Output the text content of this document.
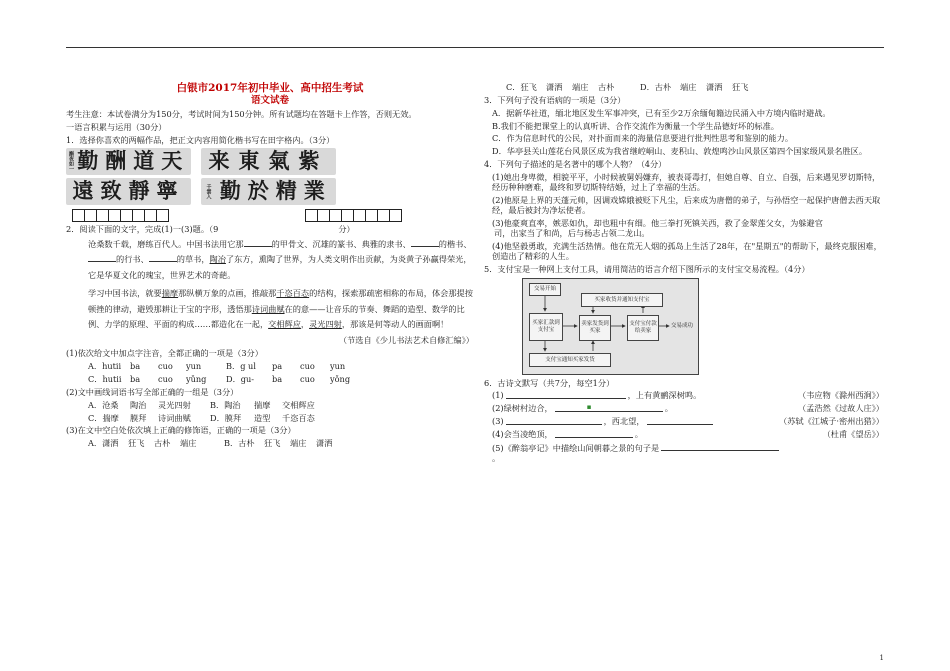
白银市2017年初中毕业、高中招生考试
语文试卷

考生注意：本试卷满分为150分，考试时间为150分钟。所有试题均在答题卡上作答，否则无效。

一语言积累与运用（30分）

1．选择你喜欢的两幅作品，把正文内容用简化楷书写在田字格内。（3分）

㩂夜如一 勤酬道天 来東氣紫
遠致靜寧	千雲入 勤於精業

2．阅读下面的文字，完成(1)一(3)题。（9	分）

沧桑数千载，磨练百代人。中国书法用它那	的甲骨文、沉雄的篆书、典雅的隶书、	的楷书、的行书、	的草书，陶冶了东方，熏陶了世界，为人类文明作出贡献，为炎黄子孙赢得荣光，它是华夏文化的瑰宝，世界艺术的奇葩。

学习中国书法，就要揣摩那纵横万象的点画，推敲那千恣百态的结构，探索那疏密相称的布局，体会那提按顿挫的律动，避毁那耕让于宝的字形，透悟那诗词曲赋在的意——让音乐的节奏、舞蹈的造型、数学的比例、力学的原理、平面的构成……都造化在一起，交相辉应，灵光四射，那该是何等动人的画面啊！

（节选自《少儿书法艺术自修汇编》）

(1)依次给文中加点字注音，全都正确的一项是（3分）

A．hutii ba cuo yun	B．g ul pa cuo yun

C．hutii ba cuo yǔng D．gu- ba cuo yǒng

(2)文中画线词语书写全部正确的一组是（3分）

A．沧桑 陶治 灵光四射 B．陶治 揣摩 交相辉应

C．揣摩 膜拜 诗词曲赋 D．膜拜 造型 千恣百态

(3)在文中空白处依次填上正确的修饰语，正确的一项是（3分）

A．潇洒 狂飞 古朴 端庄	B．古朴 狂飞 端庄 潇洒

C．狂飞 潇洒 端庄 古朴	D．古朴 端庄 潇洒 狂飞

3．下列句子没有语病的一项是（3分）

A．据新华社道，缅北地区发生军事冲突，已有至少2万余缅甸籍边民涌入中方境内临时避战。

B.我们不能把课堂上的认真听讲、合作交流作为衡量一个学生品德好坏的标准。

C．作为信息时代的公民，对扑面而来的海量信息要进行批判性思考和鉴别的能力。

D．华亭县关山莲花台风景区成为我省继崆峒山、麦积山、敦煌鸣沙山风景区第四个国家级风景名胜区。

4．下列句子描述的是名著中的哪个人物？（4分）

(1)她出身卑微，相貌平平，小时候被舅妈嫌弃，被表哥毒打，但她自尊、自立、自强，后来遇见罗切斯特，经历种种磨难，最终和罗切斯特结婚，过上了幸福的生活。

(2)他原是上界的天蓬元帅，因调戏嫦娥被贬下凡尘，后来成为唐僧的弟子，与孙悟空一起保护唐僧去西天取经，最后被封为净坛使者。

(3)他豪爽直率，嫉恶如仇，却也粗中有细。他三拳打死镇关西，救了金翠莲父女，为躲避官
司，出家当了和尚，后与杨志占领二龙山。

(4)他坚毅勇敢，充满生活热情。他在荒无人烟的孤岛上生活了28年，在"星期五"的帮助下，最终克服困难，创造出了精彩的人生。

5．支付宝是一种网上支付工具，请用简洁的语言介绍下图所示的支付宝交易流程。（4分）

交易开始
买家收货并通知支付宝
买家汇款到支付宝
卖家发货到买家
支付宝付款给卖家
交易成功
支付宝通知买家发货

6．古诗文默写（共7分，每空1分）

(1)	，上有黄鹂深树鸣。	（韦应物《滁州西涧》）

(2)绿树村边合，	▪	。	（孟浩然《过故人庄》）

(3)	，西北望，	（苏轼《江城子·密州出猎》）

(4)会当凌绝顶，	。	（杜甫《望岳》）

(5)《醉翁亭记》中描绘山间朝暮之景的句子是
。

1
